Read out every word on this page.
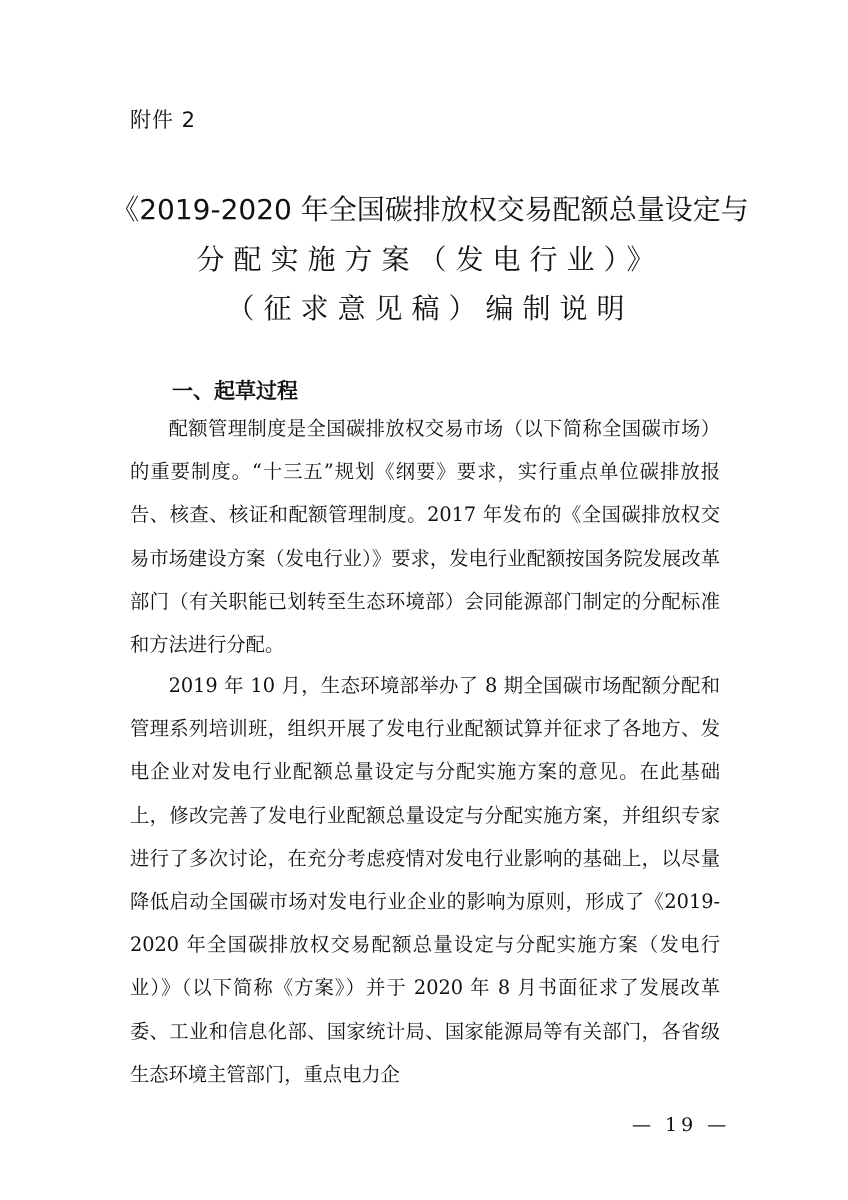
附件 2
《2019-2020 年全国碳排放权交易配额总量设定与
分配实施方案（发电行业）》
（征求意见稿）编制说明
一、起草过程

配额管理制度是全国碳排放权交易市场（以下简称全国碳市场）的重要制度。“十三五”规划《纲要》要求，实行重点单位碳排放报告、核查、核证和配额管理制度。2017 年发布的《全国碳排放权交易市场建设方案（发电行业）》要求，发电行业配额按国务院发展改革部门（有关职能已划转至生态环境部）会同能源部门制定的分配标准和方法进行分配。

2019 年 10 月，生态环境部举办了 8 期全国碳市场配额分配和管理系列培训班，组织开展了发电行业配额试算并征求了各地方、发电企业对发电行业配额总量设定与分配实施方案的意见。在此基础上，修改完善了发电行业配额总量设定与分配实施方案，并组织专家进行了多次讨论，在充分考虑疫情对发电行业影响的基础上，以尽量降低启动全国碳市场对发电行业企业的影响为原则，形成了《2019-2020 年全国碳排放权交易配额总量设定与分配实施方案（发电行业）》（以下简称《方案》）并于 2020 年 8 月书面征求了发展改革委、工业和信息化部、国家统计局、国家能源局等有关部门，各省级生态环境主管部门，重点电力企

— 19 —
